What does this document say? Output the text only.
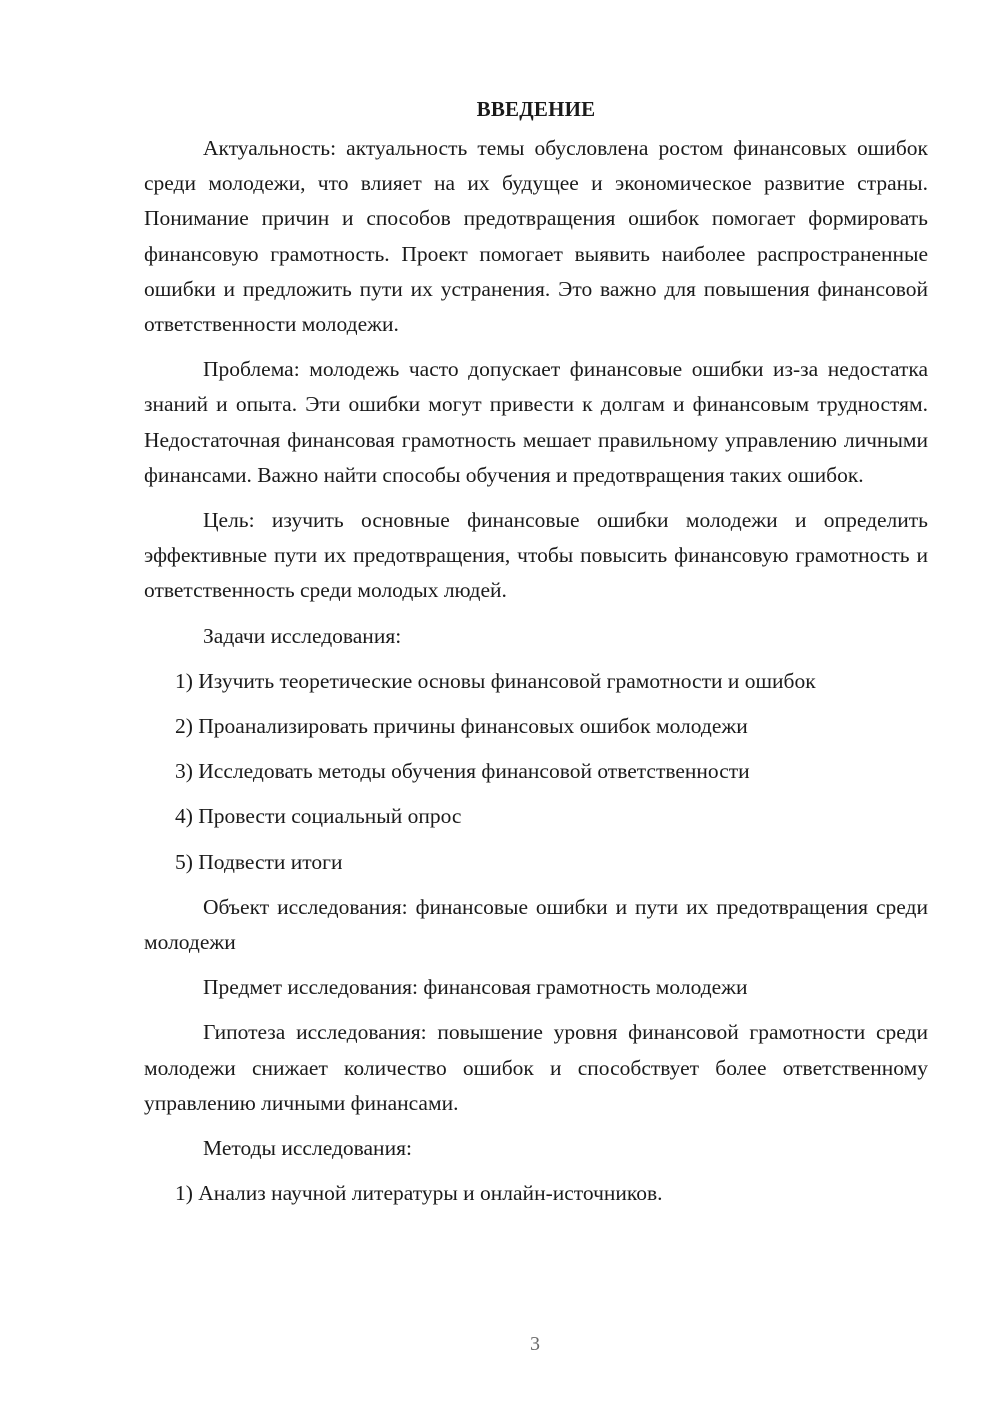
ВВЕДЕНИЕ

Актуальность: актуальность темы обусловлена ростом финансовых ошибок среди молодежи, что влияет на их будущее и экономическое развитие страны. Понимание причин и способов предотвращения ошибок помогает формировать финансовую грамотность. Проект помогает выявить наиболее распространенные ошибки и предложить пути их устранения. Это важно для повышения финансовой ответственности молодежи.

Проблема: молодежь часто допускает финансовые ошибки из-за недостатка знаний и опыта. Эти ошибки могут привести к долгам и финансовым трудностям. Недостаточная финансовая грамотность мешает правильному управлению личными финансами. Важно найти способы обучения и предотвращения таких ошибок.

Цель: изучить основные финансовые ошибки молодежи и определить эффективные пути их предотвращения, чтобы повысить финансовую грамотность и ответственность среди молодых людей.

Задачи исследования:

1) Изучить теоретические основы финансовой грамотности и ошибок

2) Проанализировать причины финансовых ошибок молодежи

3) Исследовать методы обучения финансовой ответственности

4) Провести социальный опрос

5) Подвести итоги

Объект исследования: финансовые ошибки и пути их предотвращения среди молодежи

Предмет исследования: финансовая грамотность молодежи

Гипотеза исследования: повышение уровня финансовой грамотности среди молодежи снижает количество ошибок и способствует более ответственному управлению личными финансами.

Методы исследования:

1) Анализ научной литературы и онлайн-источников.

3
